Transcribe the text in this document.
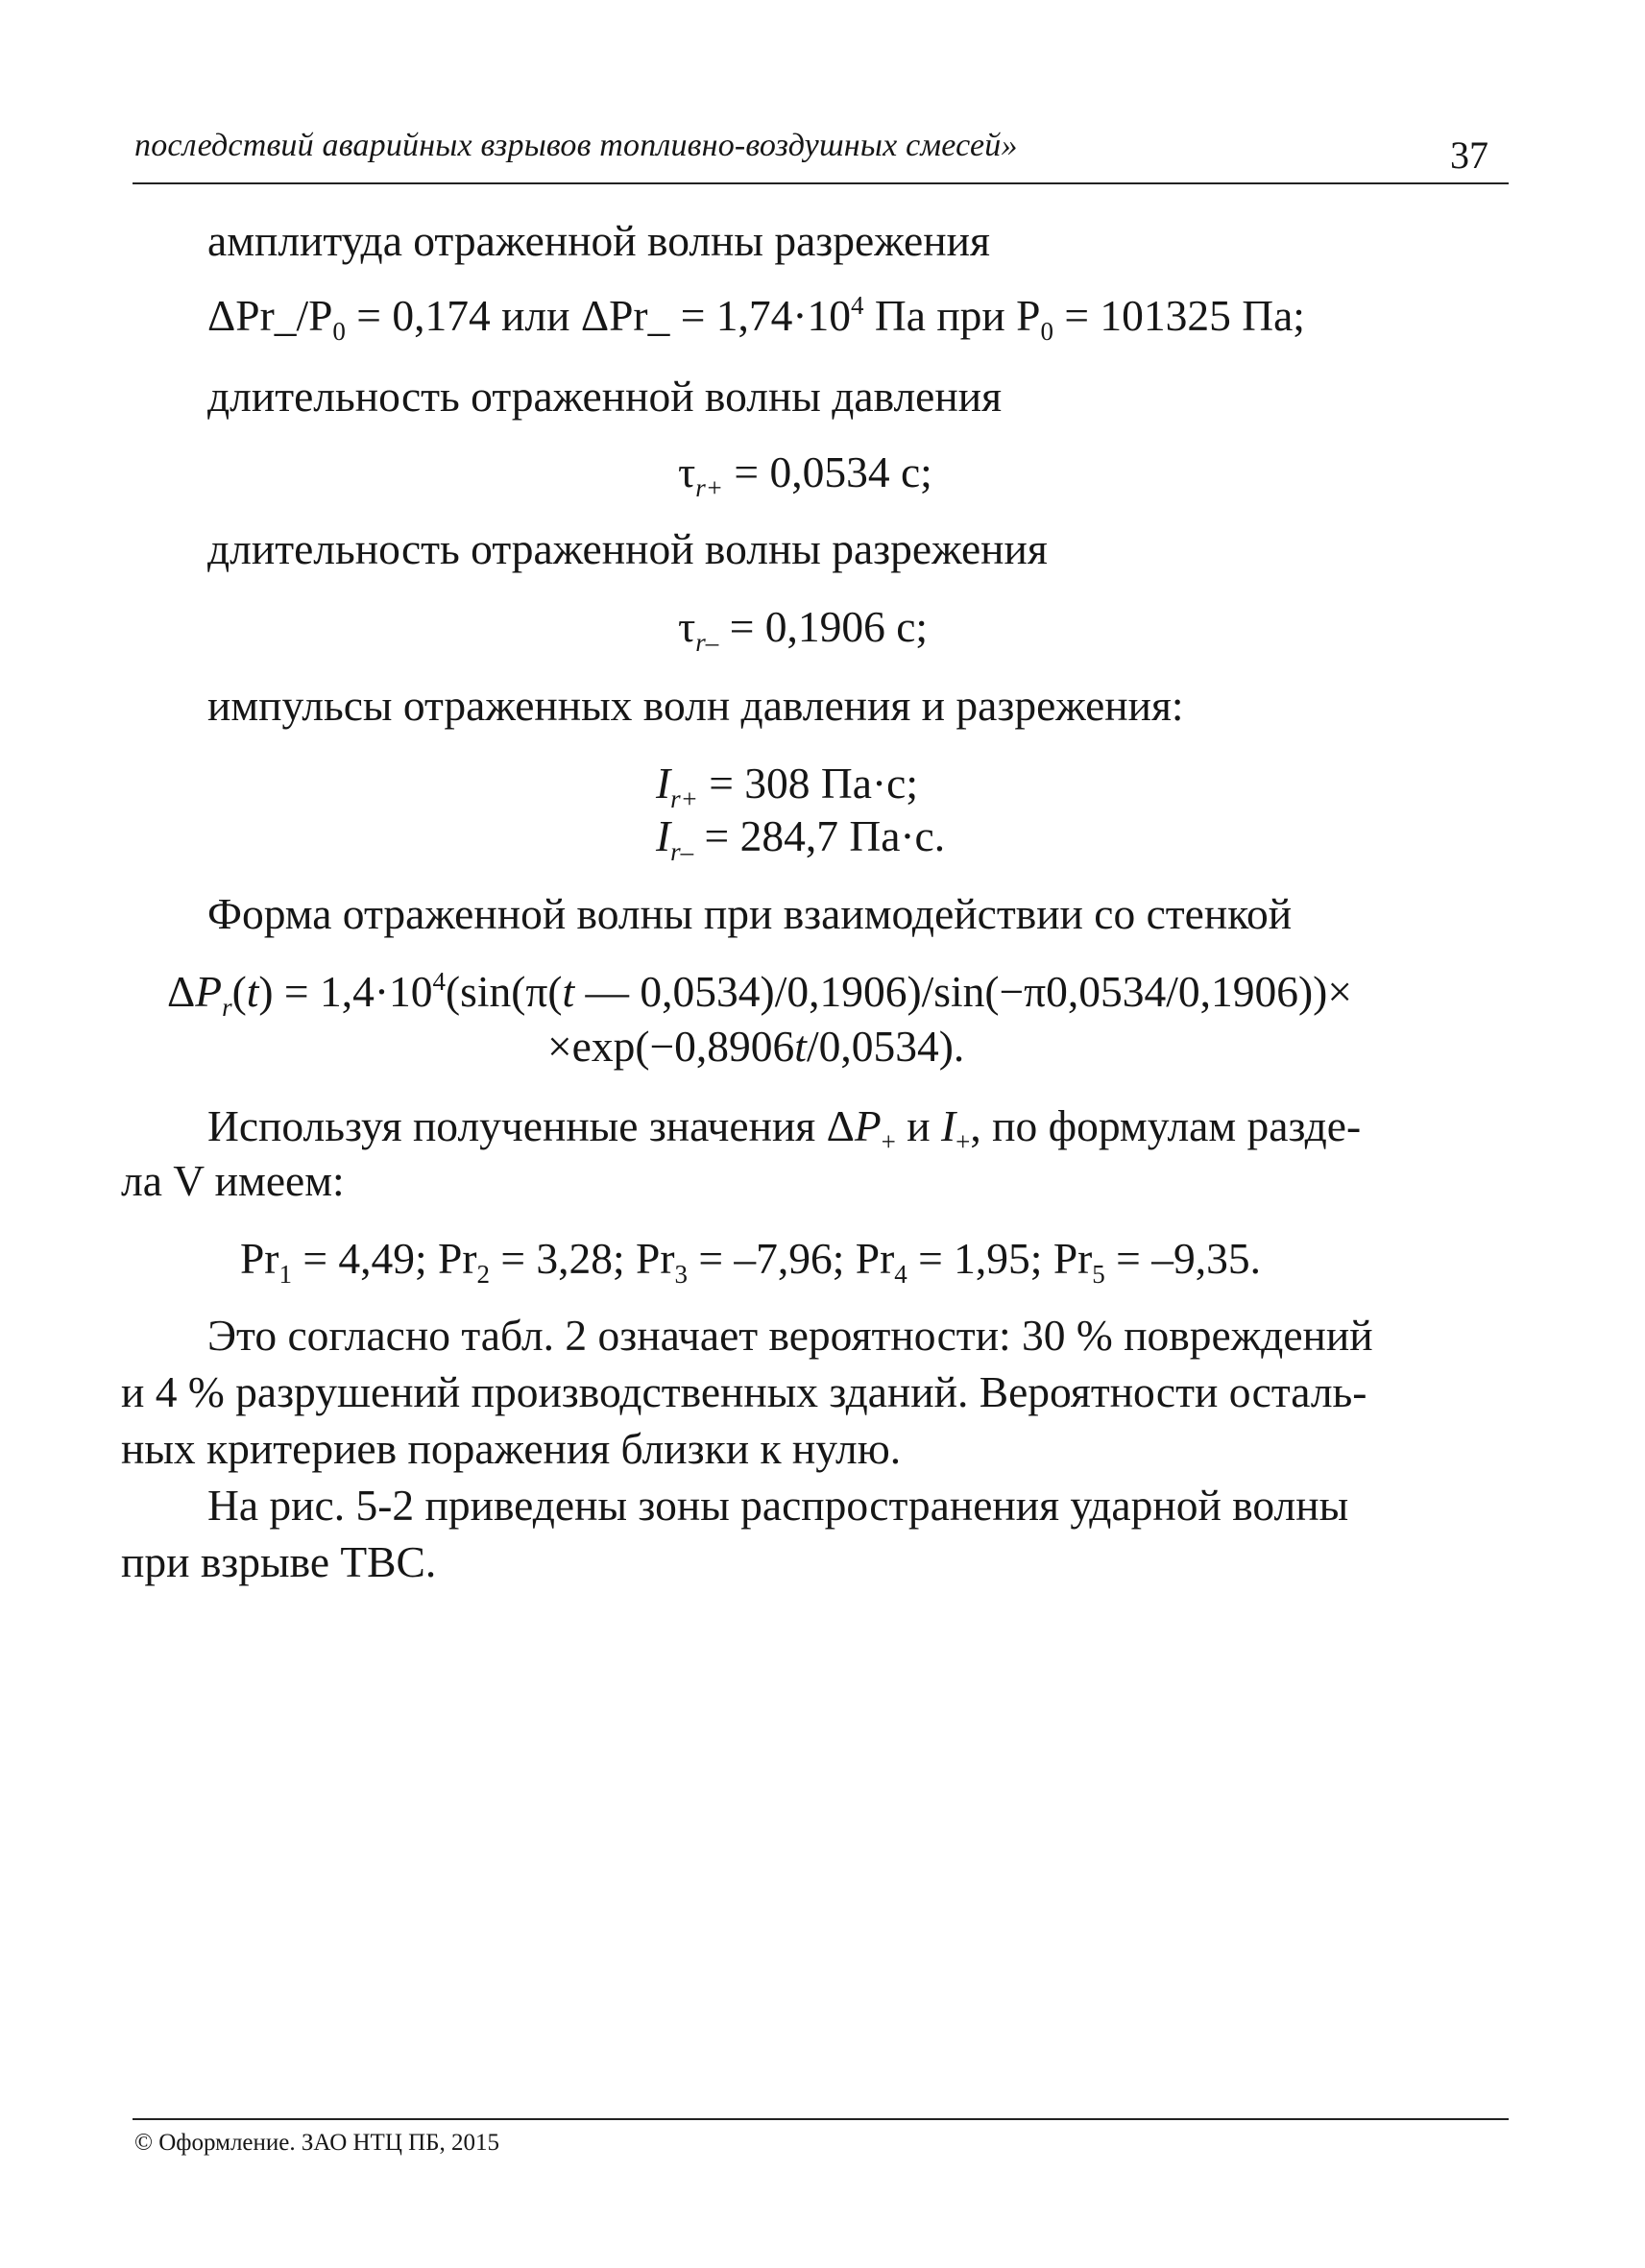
последствий аварийных взрывов топливно-воздушных смесей»	37
амплитуда отраженной волны разрежения
$\Delta Pr\_/P_0 = 0,174$ или ΔPr_ = $1,74\cdot 10^4$ Па при $P_0 = 101325$ Па;
длительность отраженной волны давления
$\tau_{r+} = 0,0534$ с;
длительность отраженной волны разрежения
$\tau_{r-} = 0,1906$ с;
импульсы отраженных волн давления и разрежения:
$I_{r+} = 308$ Па·с;
$I_{r-} = 284,7$ Па·с.
Форма отраженной волны при взаимодействии со стенкой
$\Delta P_r(t) = 1,4\cdot 10^4(\sin(\pi(t$ — 0,0534)/0,1906)/sin(−π0,0534/0,1906))×
×exp(−0,8906t/0,0534).
Используя полученные значения $\Delta P_+$ и $I_+$, по формулам разде-
ла V имеем:
$Pr_1 = 4,49$; $Pr_2 = 3,28$; $Pr_3 = -7,96$; $Pr_4 = 1,95$; $Pr_5 = -9,35$.
Это согласно табл. 2 означает вероятности: 30 % повреждений
и 4 % разрушений производственных зданий. Вероятности осталь-
ных критериев поражения близки к нулю.
На рис. 5-2 приведены зоны распространения ударной волны
при взрыве ТВС.
© Оформление. ЗАО НТЦ ПБ, 2015
